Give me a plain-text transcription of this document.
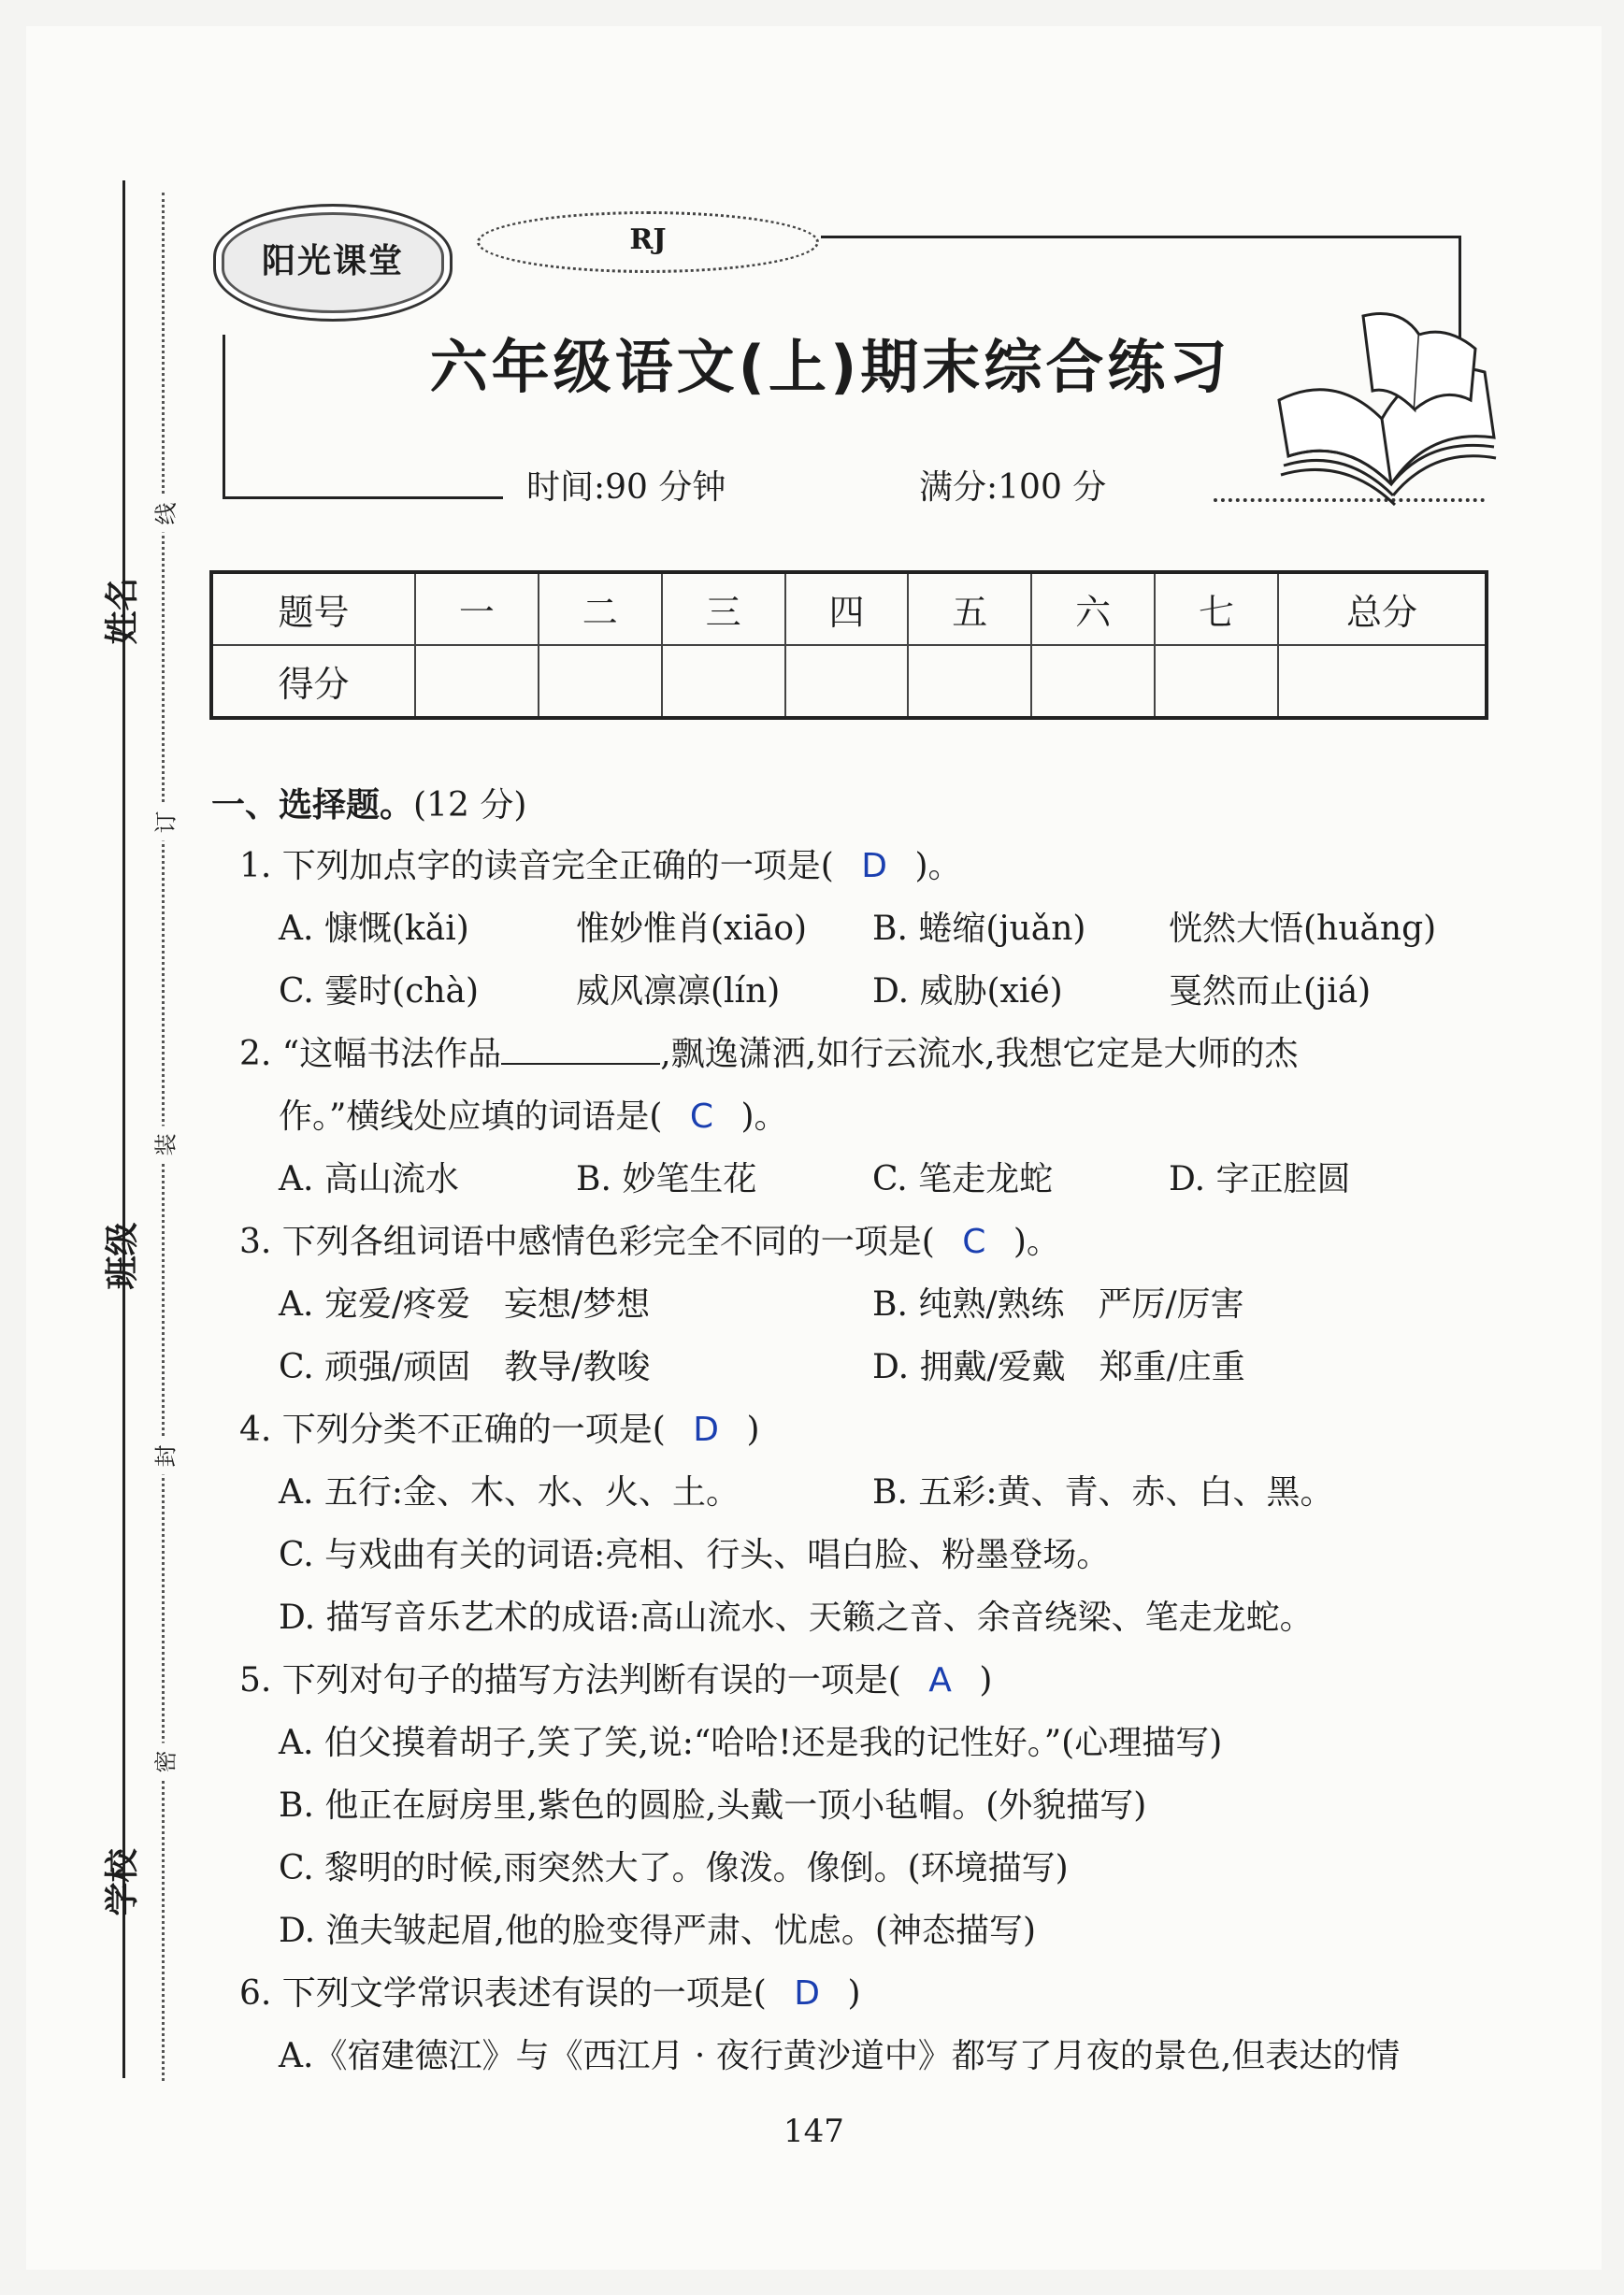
姓名
班级
学校
线
订
装
封
密
阳光课堂
RJ
六年级语文(上)期末综合练习
时间:90 分钟	满分:100 分
题号	一	二	三	四	五	六	七	总分
得分								
一、选择题。(12 分)
1. 下列加点字的读音完全正确的一项是( D )。
A. 慷慨(kǎi)	惟妙惟肖(xiāo) B. 蜷缩(juǎn) 恍然大悟(huǎng)
C. 霎时(chà)	威风凛凛(lín)	D. 威胁(xié)	戛然而止(jiá)
2. “这幅书法作品	,飘逸潇洒,如行云流水,我想它定是大师的杰
作。”横线处应填的词语是( C )。
A. 高山流水	B. 妙笔生花	C. 笔走龙蛇	D. 字正腔圆
3. 下列各组词语中感情色彩完全不同的一项是( C )。
A. 宠爱/疼爱　妄想/梦想	B. 纯熟/熟练　严厉/厉害
C. 顽强/顽固　教导/教唆	D. 拥戴/爱戴　郑重/庄重
4. 下列分类不正确的一项是( D )
A. 五行:金、木、水、火、土。	B. 五彩:黄、青、赤、白、黑。
C. 与戏曲有关的词语:亮相、行头、唱白脸、粉墨登场。
D. 描写音乐艺术的成语:高山流水、天籁之音、余音绕梁、笔走龙蛇。
5. 下列对句子的描写方法判断有误的一项是( A )
A. 伯父摸着胡子,笑了笑,说:“哈哈!还是我的记性好。”(心理描写)
B. 他正在厨房里,紫色的圆脸,头戴一顶小毡帽。(外貌描写)
C. 黎明的时候,雨突然大了。像泼。像倒。(环境描写)
D. 渔夫皱起眉,他的脸变得严肃、忧虑。(神态描写)
6. 下列文学常识表述有误的一项是( D )
A.《宿建德江》与《西江月 · 夜行黄沙道中》都写了月夜的景色,但表达的情
147
